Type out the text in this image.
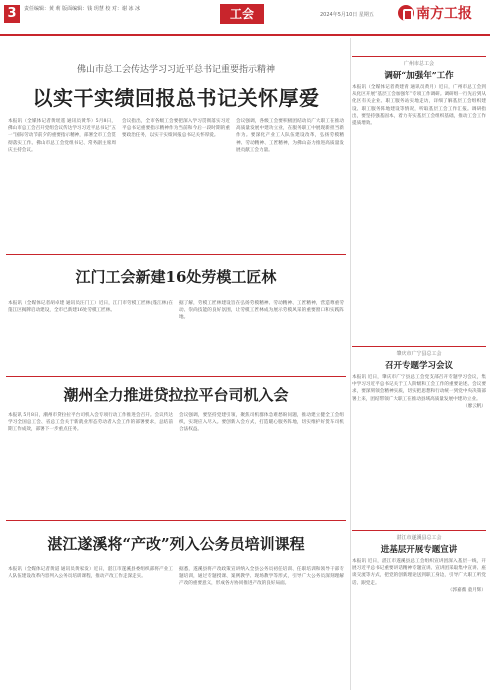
3	责任编辑：黄 莉 版面编辑：钱 玥慧 校 对：谢 冰 冰	工会	2024年5月10日 星期五	南方工报
佛山市总工会传达学习习近平总书记重要指示精神
以实干实绩回报总书记关怀厚爱
本报讯（全媒体记者黄瑶遥 通讯员黄华）5月8日，佛山市总工会召开党组会议传达学习习近平总书记“五一”国际劳动节前夕的重要指示精神，部署全市工会贯彻落实工作。佛山市总工会党组书记、常务副主席周庆主持会议。
会议指出，全市各级工会要把深入学习贯彻落实习近平总书记重要指示精神作为当前和今后一段时期的重要政治任务，以实干实绩回报总书记关怀厚爱。
会议强调，各级工会要积极团结动员广大职工在推动高质量发展中建功立业，在服务职工中展现新担当新作为。要深化产业工人队伍建设改革，弘扬劳模精神、劳动精神、工匠精神，为佛山奋力推进高质量发展贡献工会力量。
江门工会新建16处劳模工匠林
本报讯（全媒体记者胡卓建 通讯员汪门工）近日，江门市劳模工匠林(蓬江林)在蓬江区揭牌启动建设，全市已新建16处劳模工匠林。
据了解，劳模工匠林建设旨在弘扬劳模精神、劳动精神、工匠精神，营造尊重劳动、崇尚技能的良好氛围，让劳模工匠林成为展示劳模风采的重要窗口和实践阵地。
潮州全力推进贷拉拉平台司机入会
本报讯 5月8日，潮州市贷拉拉平台司机入会专项行动工作推进会召开。会议传达学习全国总工会、省总工会关于新就业形态劳动者入会工作的部署要求，总结前期工作成效，部署下一步重点任务。
会议强调，要坚持党建引领，聚焦司机群体急难愁盼问题，推动建立健全工会组织，实现应入尽入。要创新入会方式，打造暖心服务阵地，切实维护好货车司机合法权益。
湛江遂溪将“产改”列入公务员培训课程
本报讯（全媒体记者黄道 通讯员黄家发）近日，湛江市遂溪县委组织部将产业工人队伍建设改革内容列入公务员培训课程，推动产改工作走深走实。
据悉，遂溪县将产改政策宣讲纳入全县公务员初任培训、任职培训和领导干部专题培训，通过专题授课、案例教学、现场教学等形式，引导广大公务员深刻理解产改的重要意义，形成各方协同推进产改的良好局面。
广州市总工会
调研“加强年”工作
本报讯（全媒体记者黄建青 通讯员黄月）近日，广州市总工会到从化区开展“基层工会加强年”专项工作调研。调研组一行先后到从化区有关企业、职工服务站实地走访，详细了解基层工会组织建设、职工服务阵地建设等情况，听取基层工会工作汇报。调研指出，要坚持强基固本，着力夯实基层工会组织基础，推动工会工作提质增效。
肇庆市广宁县总工会
召开专题学习会议
本报讯 近日，肇庆市广宁县总工会党支部召开专题学习会议，集中学习习近平总书记关于工人阶级和工会工作的重要论述。会议要求，要深刻领会精神实质，切实把思想和行动统一到党中央决策部署上来，团结带领广大职工在推动县域高质量发展中建功立业。
（廖云帆）
湛江市遂溪县总工会
进基层开展专题宣讲
本报讯 近日，湛江市遂溪县总工会组织宣讲团深入基层一线，开展习近平总书记重要讲话精神专题宣讲。宣讲团采取集中宣讲、座谈交流等方式，把党的创新理论送到职工身边，引导广大职工听党话、跟党走。
（郭嘉薇 童月辉）
